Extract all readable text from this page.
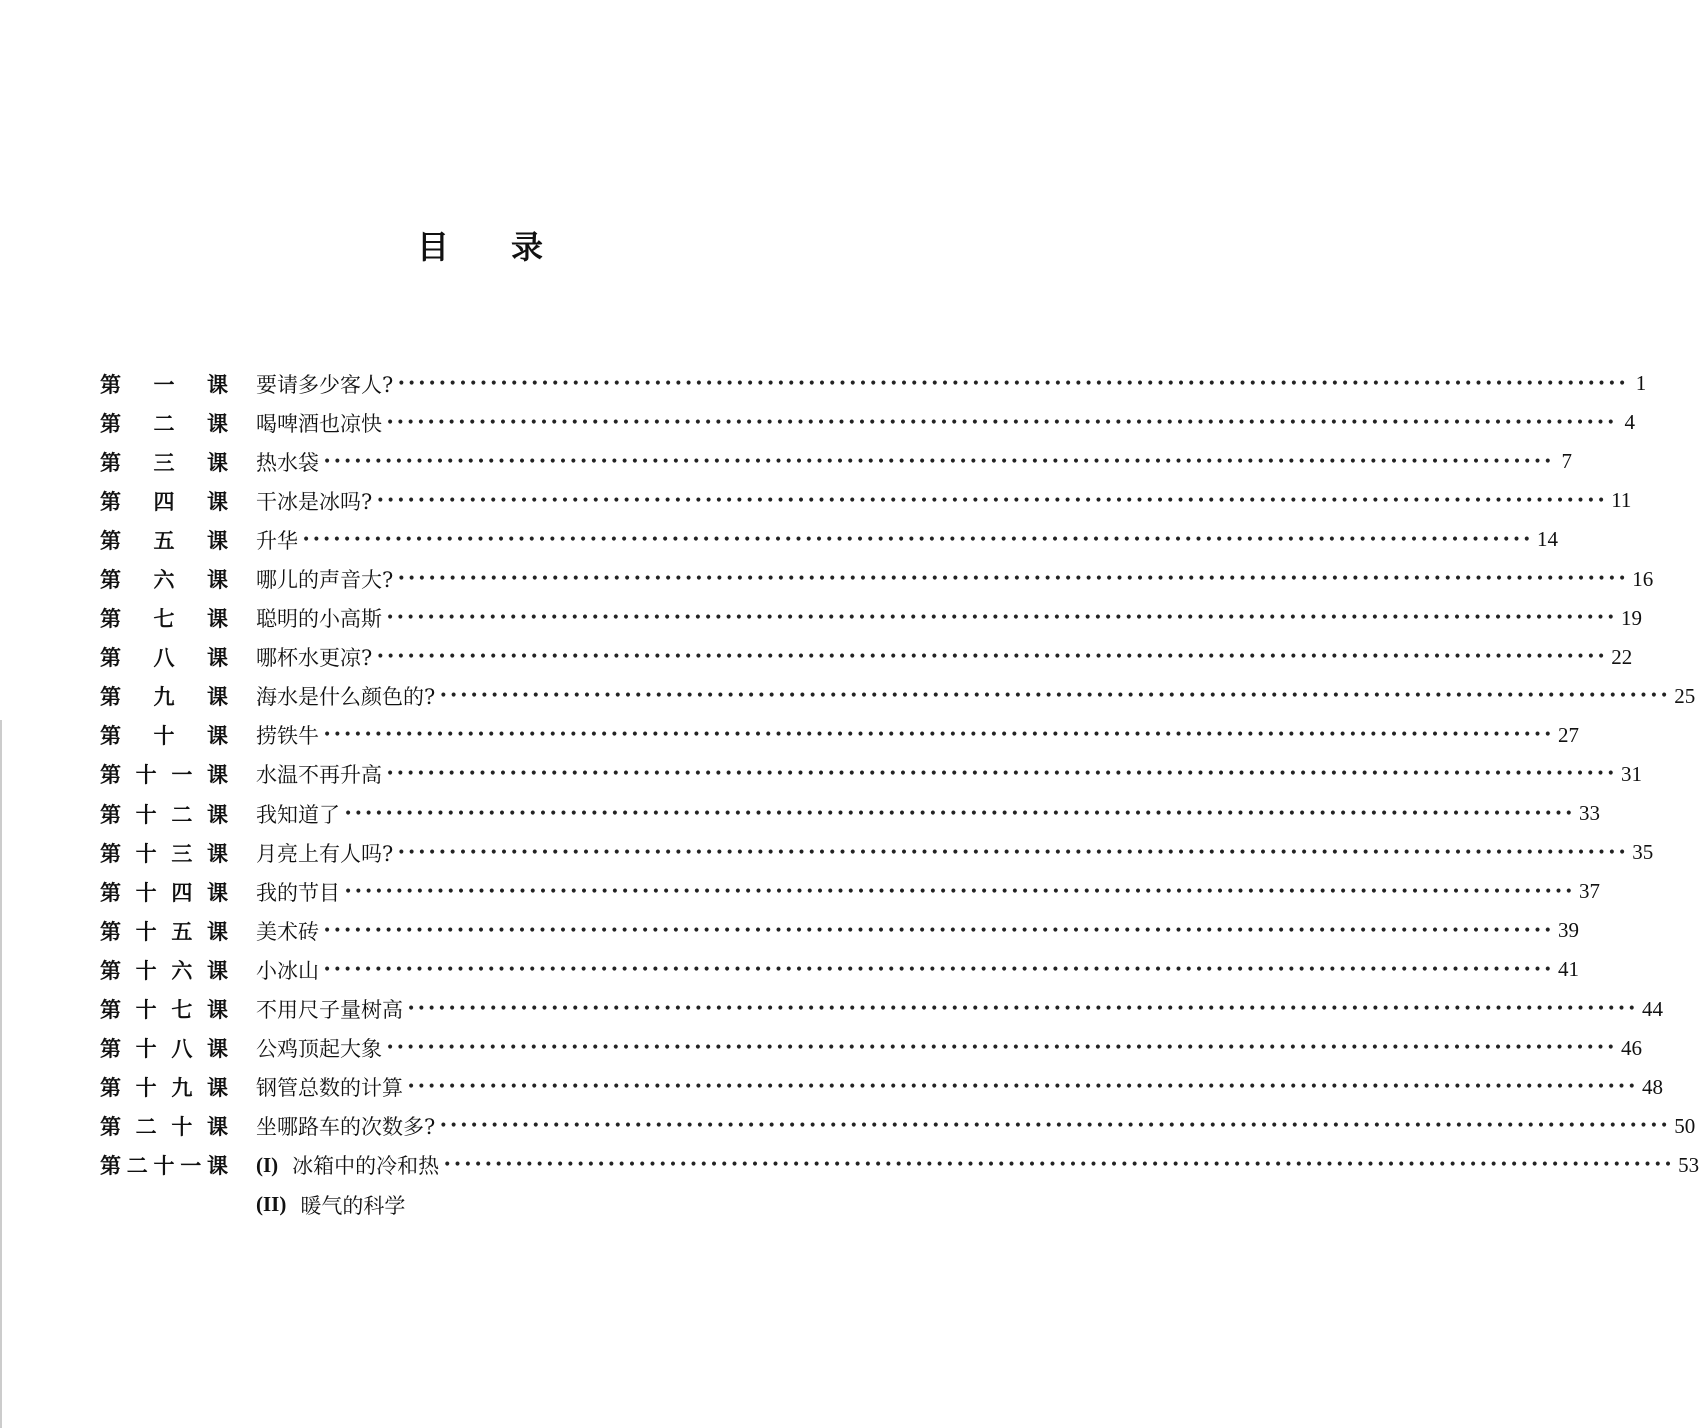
目 录
第一课
要请多少客人? •••••••••••••••••••••••••••••••••••••••••••••••••••••••••••••••••••••••••••••••••••••••••••••••••••••••••••••••••••••••• 1
第二课
喝啤酒也凉快 •••••••••••••••••••••••••••••••••••••••••••••••••••••••••••••••••••••••••••••••••••••••••••••••••••••••••••••••••••••••• 4
第三课
热水袋 •••••••••••••••••••••••••••••••••••••••••••••••••••••••••••••••••••••••••••••••••••••••••••••••••••••••••••••••••••••••• 7
第四课
干冰是冰吗? •••••••••••••••••••••••••••••••••••••••••••••••••••••••••••••••••••••••••••••••••••••••••••••••••••••••••••••••••••••••• 11
第五课
升华 •••••••••••••••••••••••••••••••••••••••••••••••••••••••••••••••••••••••••••••••••••••••••••••••••••••••••••••••••••••••• 14
第六课
哪儿的声音大? •••••••••••••••••••••••••••••••••••••••••••••••••••••••••••••••••••••••••••••••••••••••••••••••••••••••••••••••••••••••• 16
第七课
聪明的小高斯 •••••••••••••••••••••••••••••••••••••••••••••••••••••••••••••••••••••••••••••••••••••••••••••••••••••••••••••••••••••••• 19
第八课
哪杯水更凉? •••••••••••••••••••••••••••••••••••••••••••••••••••••••••••••••••••••••••••••••••••••••••••••••••••••••••••••••••••••••• 22
第九课
海水是什么颜色的? •••••••••••••••••••••••••••••••••••••••••••••••••••••••••••••••••••••••••••••••••••••••••••••••••••••••••••••••••••••••• 25
第十课
捞铁牛 •••••••••••••••••••••••••••••••••••••••••••••••••••••••••••••••••••••••••••••••••••••••••••••••••••••••••••••••••••••••• 27
第十一课 水温不再升高 •••••••••••••••••••••••••••••••••••••••••••••••••••••••••••••••••••••••••••••••••••••••••••••••••••••••••••••••••••••••• 31
第十二课 我知道了 •••••••••••••••••••••••••••••••••••••••••••••••••••••••••••••••••••••••••••••••••••••••••••••••••••••••••••••••••••••••• 33
第十三课 月亮上有人吗? •••••••••••••••••••••••••••••••••••••••••••••••••••••••••••••••••••••••••••••••••••••••••••••••••••••••••••••••••••••••• 35
第十四课 我的节目 •••••••••••••••••••••••••••••••••••••••••••••••••••••••••••••••••••••••••••••••••••••••••••••••••••••••••••••••••••••••• 37
第十五课 美术砖 •••••••••••••••••••••••••••••••••••••••••••••••••••••••••••••••••••••••••••••••••••••••••••••••••••••••••••••••••••••••• 39
第十六课 小冰山 •••••••••••••••••••••••••••••••••••••••••••••••••••••••••••••••••••••••••••••••••••••••••••••••••••••••••••••••••••••••• 41
第十七课 不用尺子量树高 •••••••••••••••••••••••••••••••••••••••••••••••••••••••••••••••••••••••••••••••••••••••••••••••••••••••••••••••••••••••• 44
第十八课 公鸡顶起大象 •••••••••••••••••••••••••••••••••••••••••••••••••••••••••••••••••••••••••••••••••••••••••••••••••••••••••••••••••••••••• 46
第十九课 钢管总数的计算 •••••••••••••••••••••••••••••••••••••••••••••••••••••••••••••••••••••••••••••••••••••••••••••••••••••••••••••••••••••••• 48
第二十课 坐哪路车的次数多? •••••••••••••••••••••••••••••••••••••••••••••••••••••••••••••••••••••••••••••••••••••••••••••••••••••••••••••••••••••••• 50
第二十一课 (I) 冰箱中的冷和热 •••••••••••••••••••••••••••••••••••••••••••••••••••••••••••••••••••••••••••••••••••••••••••••••••••••••••••••••••••••••• 53
(II) 暖气的科学
